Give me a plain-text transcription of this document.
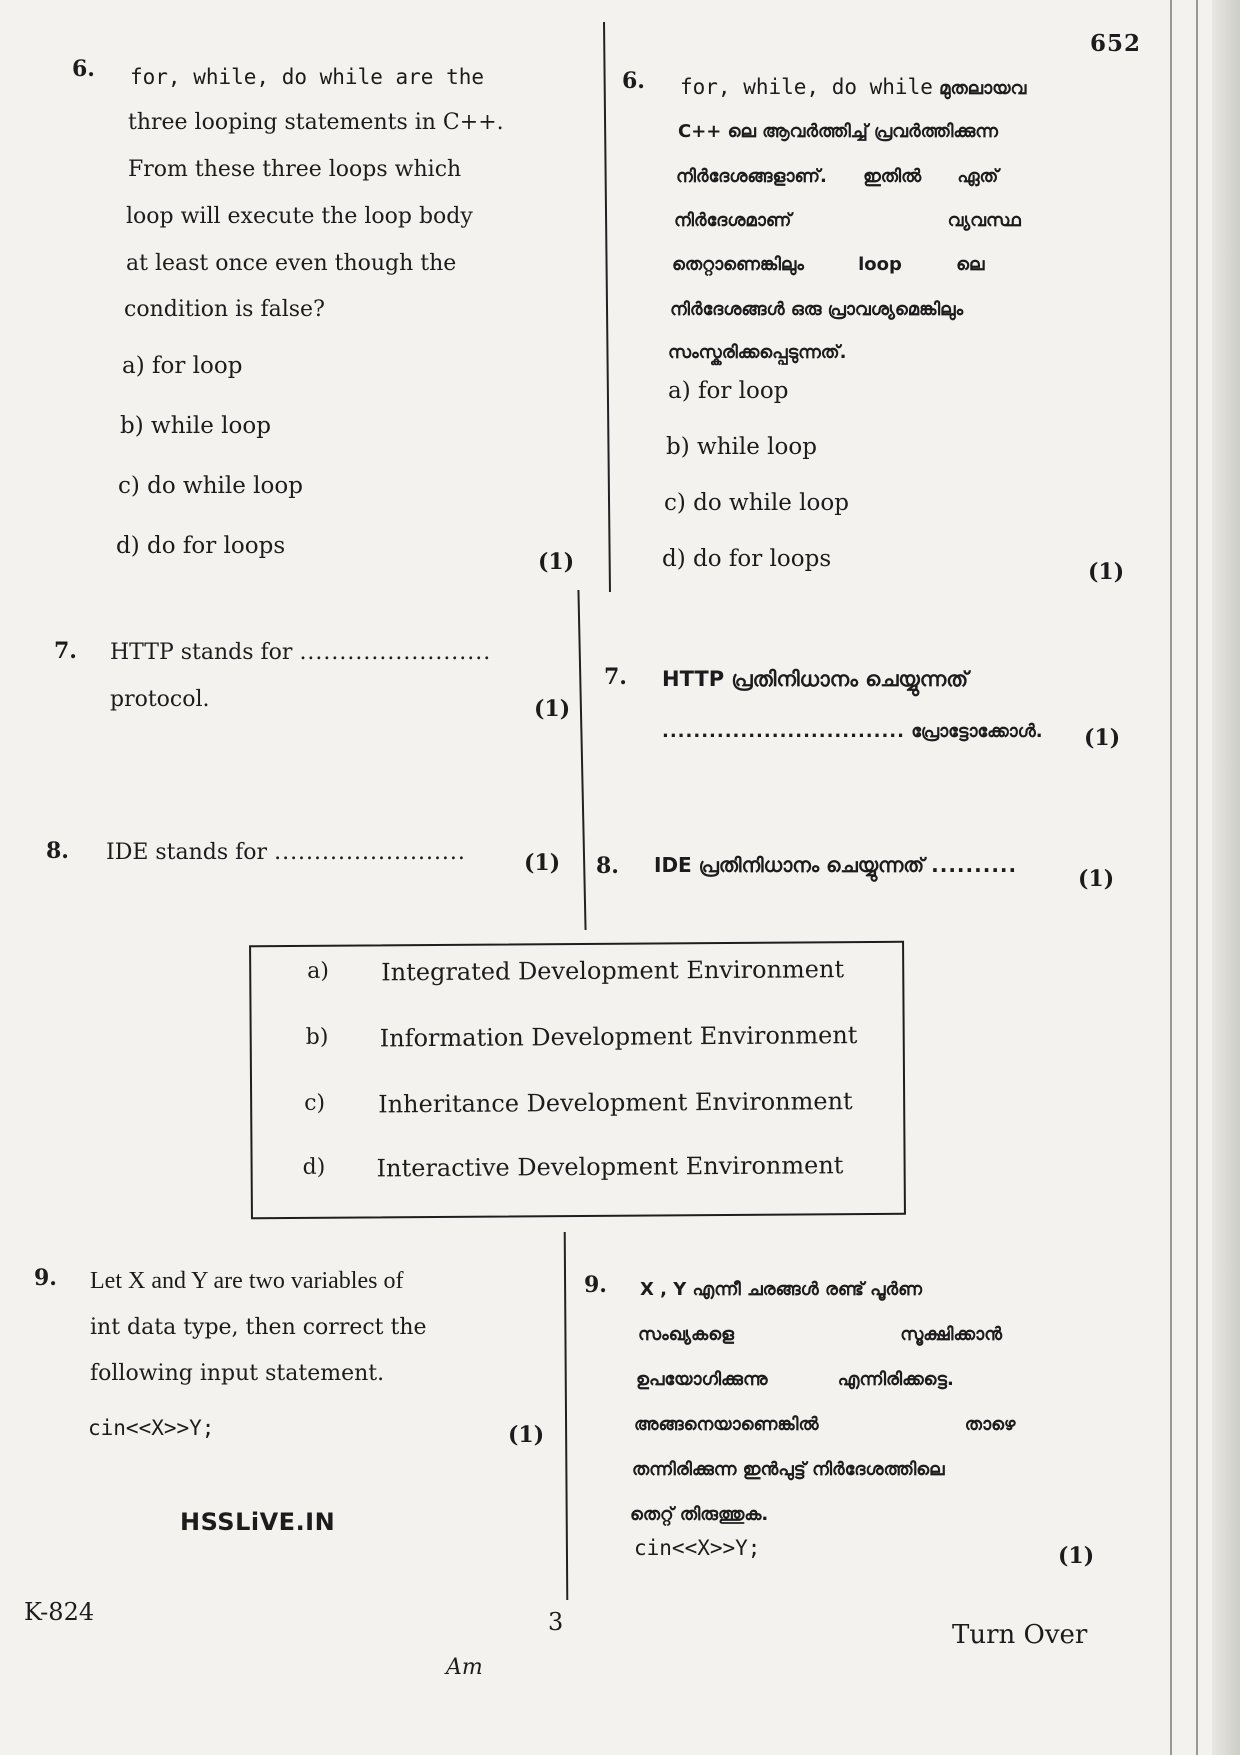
652
6. for, while, do while are the
three looping statements in C++.
From these three loops which
loop will execute the loop body
at least once even though the
condition is false?
a) for loop
b) while loop
c) do while loop
d) do for loops
(1)
6. for, while, do while മുതലായവ
C++ ലെ ആവർത്തിച്ച് പ്രവർത്തിക്കുന്ന
നിർദേശങ്ങളാണ്. ഇതിൽ ഏത്
നിർദേശമാണ് വ്യവസ്ഥ
തെറ്റാണെങ്കിലും loop ലെ
നിർദേശങ്ങൾ ഒരു പ്രാവശ്യമെങ്കിലും
സംസ്കരിക്കപ്പെടുന്നത്.
a) for loop
b) while loop
c) do while loop
d) do for loops	(1)
7. HTTP stands for ........................
protocol.	(1)
7. HTTP പ്രതിനിധാനം ചെയ്യുന്നത്
............................... പ്രോട്ടോക്കോൾ. (1)
8. IDE stands for ........................	(1) 8. IDE പ്രതിനിധാനം ചെയ്യുന്നത് ..........
(1)
a) Integrated Development Environment
b) Information Development Environment
c) Inheritance Development Environment
d) Interactive Development Environment
9. Let X and Y are two variables of
int data type, then correct the
following input statement.
cin<<X>>Y;	(1)
9. X , Y എന്നീ ചരങ്ങൾ രണ്ട് പൂർണ
സംഖ്യകളെ സൂക്ഷിക്കാൻ
ഉപയോഗിക്കുന്നു എന്നിരിക്കട്ടെ.
അങ്ങനെയാണെങ്കിൽ താഴെ
തന്നിരിക്കുന്ന ഇൻപുട്ട് നിർദേശത്തിലെ
തെറ്റ് തിരുത്തുക.
cin<<X>>Y;	(1)
HSSLiVE.IN
K-824	3	Turn Over
Am
